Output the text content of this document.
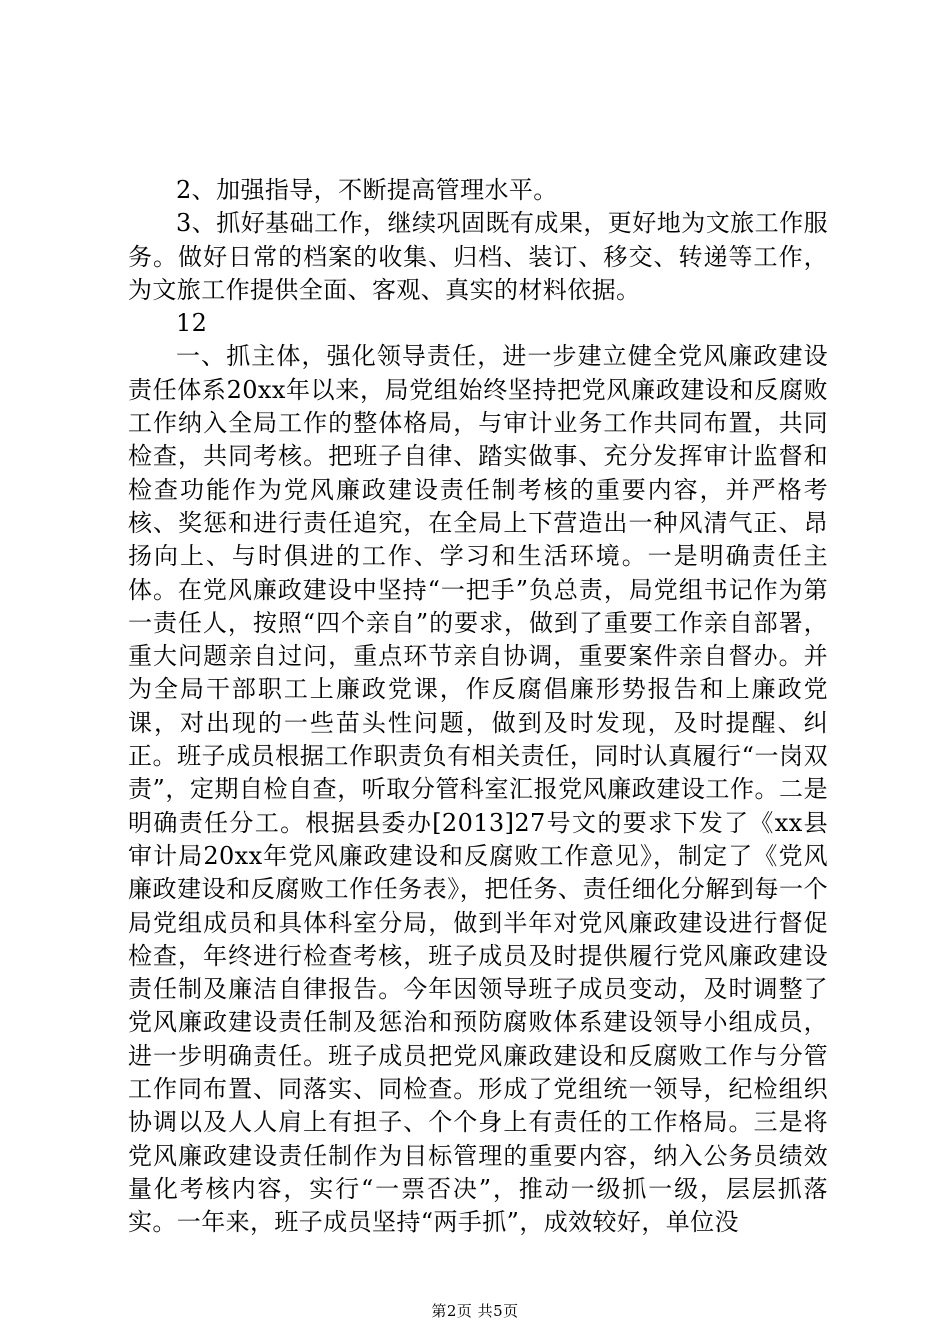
2、加强指导，不断提高管理水平。

3、抓好基础工作，继续巩固既有成果，更好地为文旅工作服务。做好日常的档案的收集、归档、装订、移交、转递等工作，为文旅工作提供全面、客观、真实的材料依据。

12

一、抓主体，强化领导责任，进一步建立健全党风廉政建设责任体系20xx年以来，局党组始终坚持把党风廉政建设和反腐败工作纳入全局工作的整体格局，与审计业务工作共同布置，共同检查，共同考核。把班子自律、踏实做事、充分发挥审计监督和检查功能作为党风廉政建设责任制考核的重要内容，并严格考核、奖惩和进行责任追究，在全局上下营造出一种风清气正、昂扬向上、与时俱进的工作、学习和生活环境。一是明确责任主体。在党风廉政建设中坚持“一把手”负总责，局党组书记作为第一责任人，按照“四个亲自”的要求，做到了重要工作亲自部署，重大问题亲自过问，重点环节亲自协调，重要案件亲自督办。并为全局干部职工上廉政党课，作反腐倡廉形势报告和上廉政党课，对出现的一些苗头性问题，做到及时发现，及时提醒、纠正。班子成员根据工作职责负有相关责任，同时认真履行“一岗双责”，定期自检自查，听取分管科室汇报党风廉政建设工作。二是明确责任分工。根据县委办[2013]27号文的要求下发了《xx县审计局20xx年党风廉政建设和反腐败工作意见》，制定了《党风廉政建设和反腐败工作任务表》，把任务、责任细化分解到每一个局党组成员和具体科室分局，做到半年对党风廉政建设进行督促检查，年终进行检查考核，班子成员及时提供履行党风廉政建设责任制及廉洁自律报告。今年因领导班子成员变动，及时调整了党风廉政建设责任制及惩治和预防腐败体系建设领导小组成员，进一步明确责任。班子成员把党风廉政建设和反腐败工作与分管工作同布置、同落实、同检查。形成了党组统一领导，纪检组织协调以及人人肩上有担子、个个身上有责任的工作格局。三是将党风廉政建设责任制作为目标管理的重要内容，纳入公务员绩效量化考核内容，实行“一票否决”，推动一级抓一级，层层抓落实。一年来，班子成员坚持“两手抓”，成效较好，单位没

第2页 共5页
